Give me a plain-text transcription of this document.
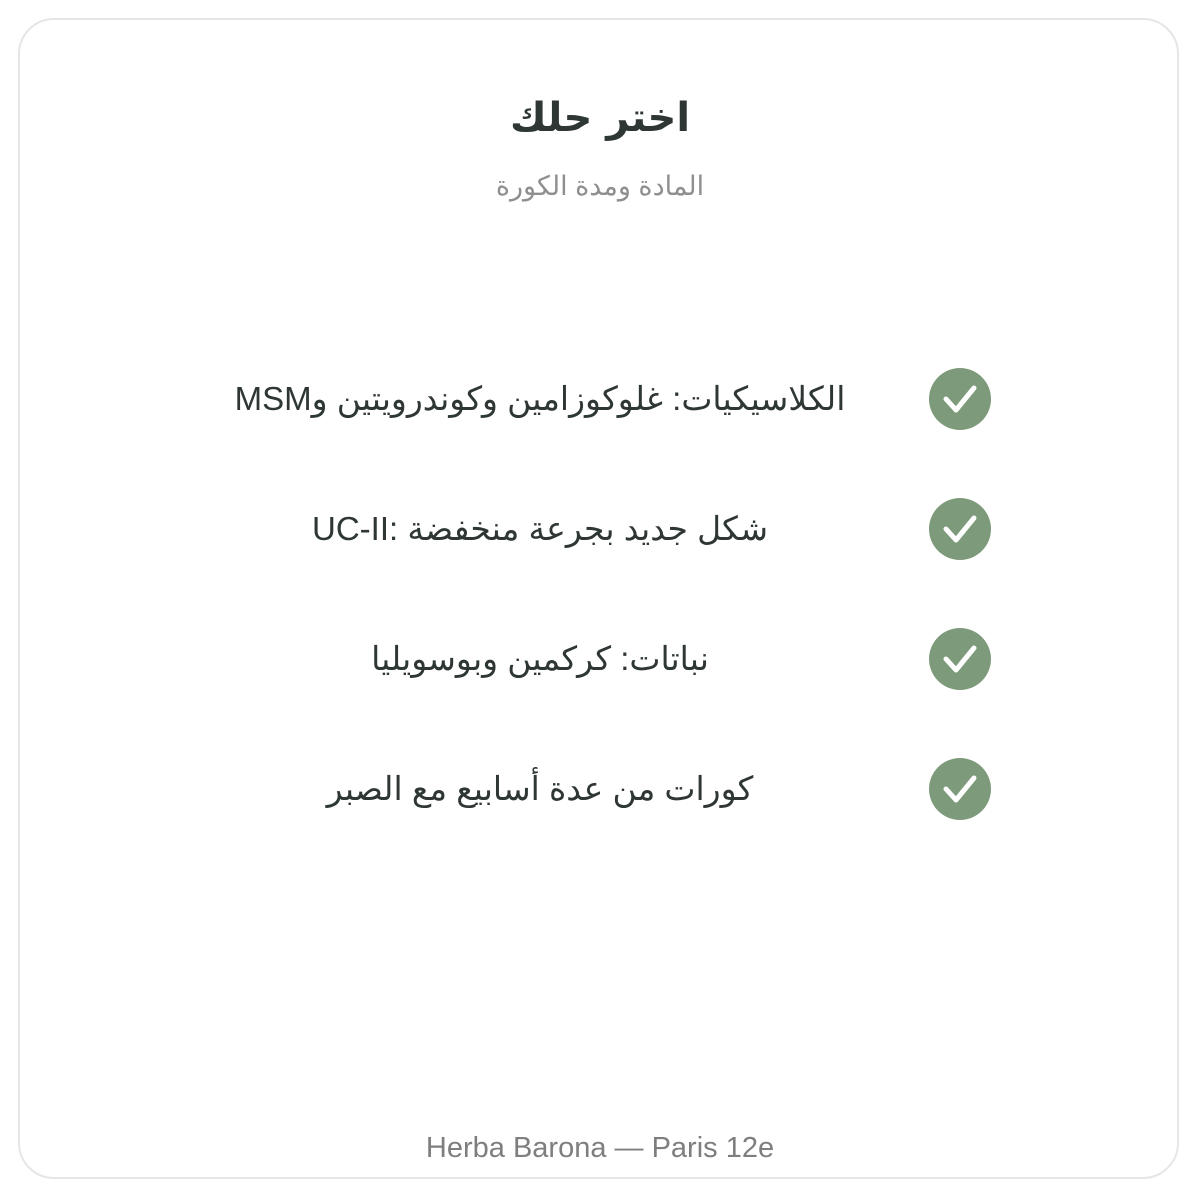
اختر حلك
المادة ومدة الكورة
الكلاسيكيات: غلوكوزامين وكوندرويتين وMSM
شكل جديد بجرعة منخفضة :UC-II
نباتات: كركمين وبوسويليا
كورات من عدة أسابيع مع الصبر
Herba Barona — Paris 12e
